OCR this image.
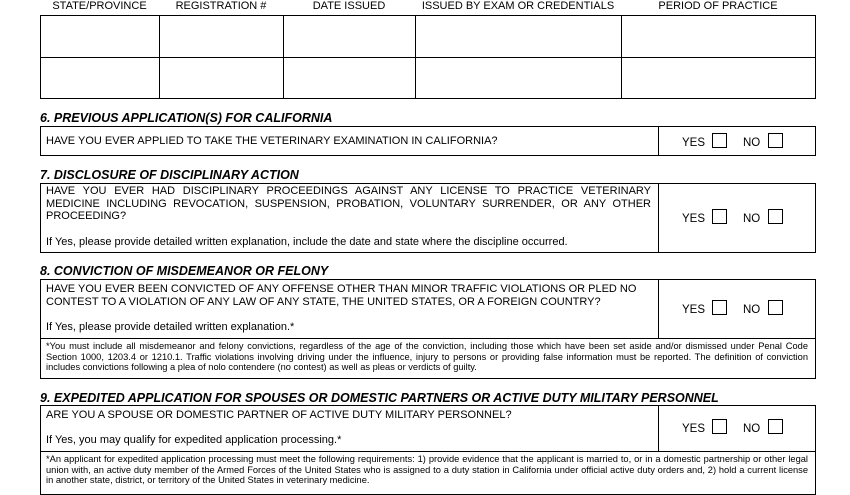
STATE/PROVINCE	REGISTRATION #	DATE ISSUED	ISSUED BY EXAM OR CREDENTIALS	PERIOD OF PRACTICE
6. PREVIOUS APPLICATION(S) FOR CALIFORNIA
HAVE YOU EVER APPLIED TO TAKE THE VETERINARY EXAMINATION IN CALIFORNIA?	YES	NO
7. DISCLOSURE OF DISCIPLINARY ACTION
HAVE YOU EVER HAD DISCIPLINARY PROCEEDINGS AGAINST ANY LICENSE TO PRACTICE VETERINARY MEDICINE INCLUDING REVOCATION, SUSPENSION, PROBATION, VOLUNTARY SURRENDER, OR ANY OTHER PROCEEDING?
If Yes, please provide detailed written explanation, include the date and state where the discipline occurred.
YES	NO
8. CONVICTION OF MISDEMEANOR OR FELONY
HAVE YOU EVER BEEN CONVICTED OF ANY OFFENSE OTHER THAN MINOR TRAFFIC VIOLATIONS OR PLED NO CONTEST TO A VIOLATION OF ANY LAW OF ANY STATE, THE UNITED STATES, OR A FOREIGN COUNTRY?
If Yes, please provide detailed written explanation.*
YES	NO
*You must include all misdemeanor and felony convictions, regardless of the age of the conviction, including those which have been set aside and/or dismissed under Penal Code Section 1000, 1203.4 or 1210.1. Traffic violations involving driving under the influence, injury to persons or providing false information must be reported. The definition of conviction includes convictions following a plea of nolo contendere (no contest) as well as pleas or verdicts of guilty.
9. EXPEDITED APPLICATION FOR SPOUSES OR DOMESTIC PARTNERS OR ACTIVE DUTY MILITARY PERSONNEL
ARE YOU A SPOUSE OR DOMESTIC PARTNER OF ACTIVE DUTY MILITARY PERSONNEL?
If Yes, you may qualify for expedited application processing.*
YES	NO
*An applicant for expedited application processing must meet the following requirements: 1) provide evidence that the applicant is married to, or in a domestic partnership or other legal union with, an active duty member of the Armed Forces of the United States who is assigned to a duty station in California under official active duty orders and, 2) hold a current license in another state, district, or territory of the United States in veterinary medicine.
